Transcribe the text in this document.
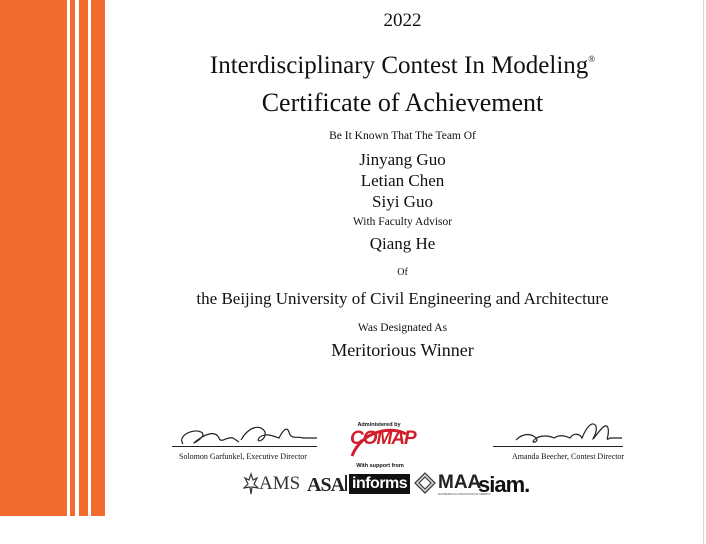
2022
Interdisciplinary Contest In Modeling®
Certificate of Achievement
Be It Known That The Team Of
Jinyang Guo
Letian Chen
Siyi Guo
With Faculty Advisor
Qiang He
Of
the Beijing University of Civil Engineering and Architecture
Was Designated As
Meritorious Winner
Solomon Garfunkel, Executive Director	Amanda Beecher, Contest Director
Administered by
COMAP
With support from
AMS ASA informs	MAA
MATHEMATICAL ASSOCIATION OF AMERICA
siam.
